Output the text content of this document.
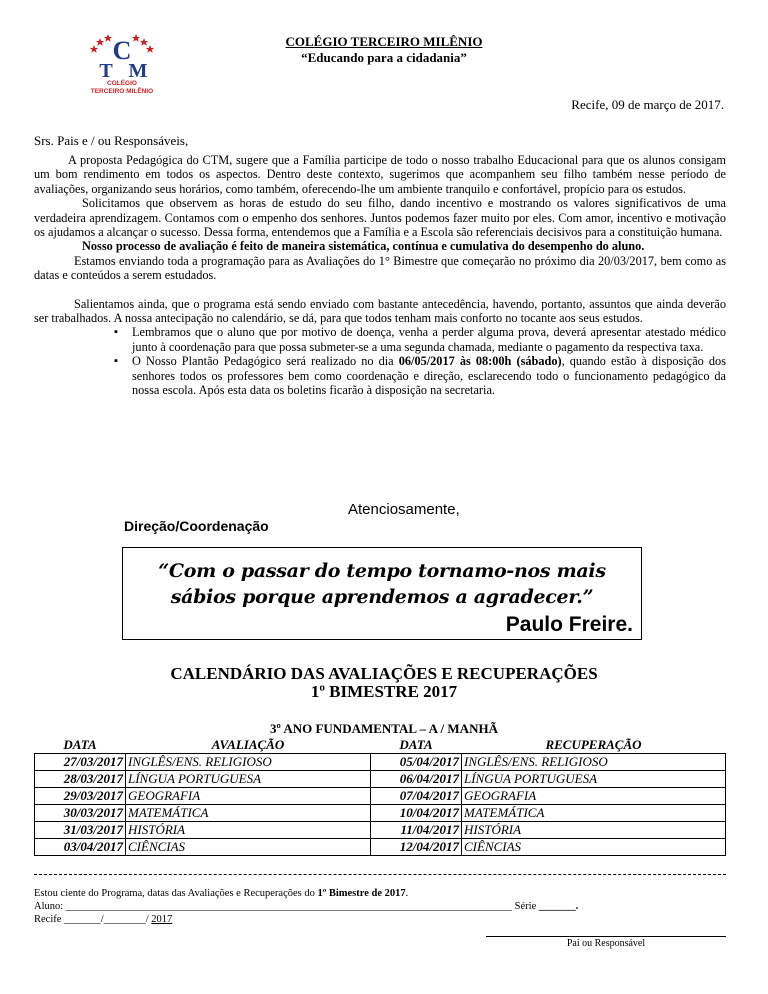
C
T M
COLÉGIO
TERCEIRO MILÊNIO
COLÉGIO TERCEIRO MILÊNIO
“Educando para a cidadania”
Recife, 09 de março de 2017.
Srs. Pais e / ou Responsáveis,

A proposta Pedagógica do CTM, sugere que a Família participe de todo o nosso trabalho Educacional para que os alunos consigam um bom rendimento em todos os aspectos. Dentro deste contexto, sugerimos que acompanhem seu filho também nesse período de avaliações, organizando seus horários, como também, oferecendo-lhe um ambiente tranquilo e confortável, propício para os estudos.

Solicitamos que observem as horas de estudo do seu filho, dando incentivo e mostrando os valores significativos de uma verdadeira aprendizagem. Contamos com o empenho dos senhores. Juntos podemos fazer muito por eles. Com amor, incentivo e motivação os ajudamos a alcançar o sucesso. Dessa forma, entendemos que a Família e a Escola são referenciais decisivos para a constituição humana.

Nosso processo de avaliação é feito de maneira sistemática, contínua e cumulativa do desempenho do aluno.

Estamos enviando toda a programação para as Avaliações do 1° Bimestre que começarão no próximo dia 20/03/2017, bem como as datas e conteúdos a serem estudados.

Salientamos ainda, que o programa está sendo enviado com bastante antecedência, havendo, portanto, assuntos que ainda deverão ser trabalhados. A nossa antecipação no calendário, se dá, para que todos tenham mais conforto no tocante aos seus estudos.

▪ Lembramos que o aluno que por motivo de doença, venha a perder alguma prova, deverá apresentar atestado médico junto à coordenação para que possa submeter-se a uma segunda chamada, mediante o pagamento da respectiva taxa.
▪ O Nosso Plantão Pedagógico será realizado no dia 06/05/2017 às 08:00h (sábado), quando estão à disposição dos senhores todos os professores bem como coordenação e direção, esclarecendo todo o funcionamento pedagógico da nossa escola. Após esta data os boletins ficarão à disposição na secretaria.
Atenciosamente,
Direção/Coordenação
“Com o passar do tempo tornamo-nos mais sábios porque aprendemos a agradecer.”
Paulo Freire.
CALENDÁRIO DAS AVALIAÇÕES E RECUPERAÇÕES
1º BIMESTRE 2017
3º ANO FUNDAMENTAL – A / MANHÃ
DATA	AVALIAÇÃO	DATA	RECUPERAÇÃO
27/03/2017	INGLÊS/ENS. RELIGIOSO	05/04/2017	INGLÊS/ENS. RELIGIOSO
28/03/2017	LÍNGUA PORTUGUESA	06/04/2017	LÍNGUA PORTUGUESA
29/03/2017	GEOGRAFIA	07/04/2017	GEOGRAFIA
30/03/2017	MATEMÁTICA	10/04/2017	MATEMÁTICA
31/03/2017	HISTÓRIA	11/04/2017	HISTÓRIA
03/04/2017	CIÊNCIAS	12/04/2017	CIÊNCIAS

Estou ciente do Programa, datas das Avaliações e Recuperações do 1º Bimestre de 2017.

Aluno: _____________________________________________________________________________________ Série _______.

Recife _______/________/ 2017

Pai ou Responsável
